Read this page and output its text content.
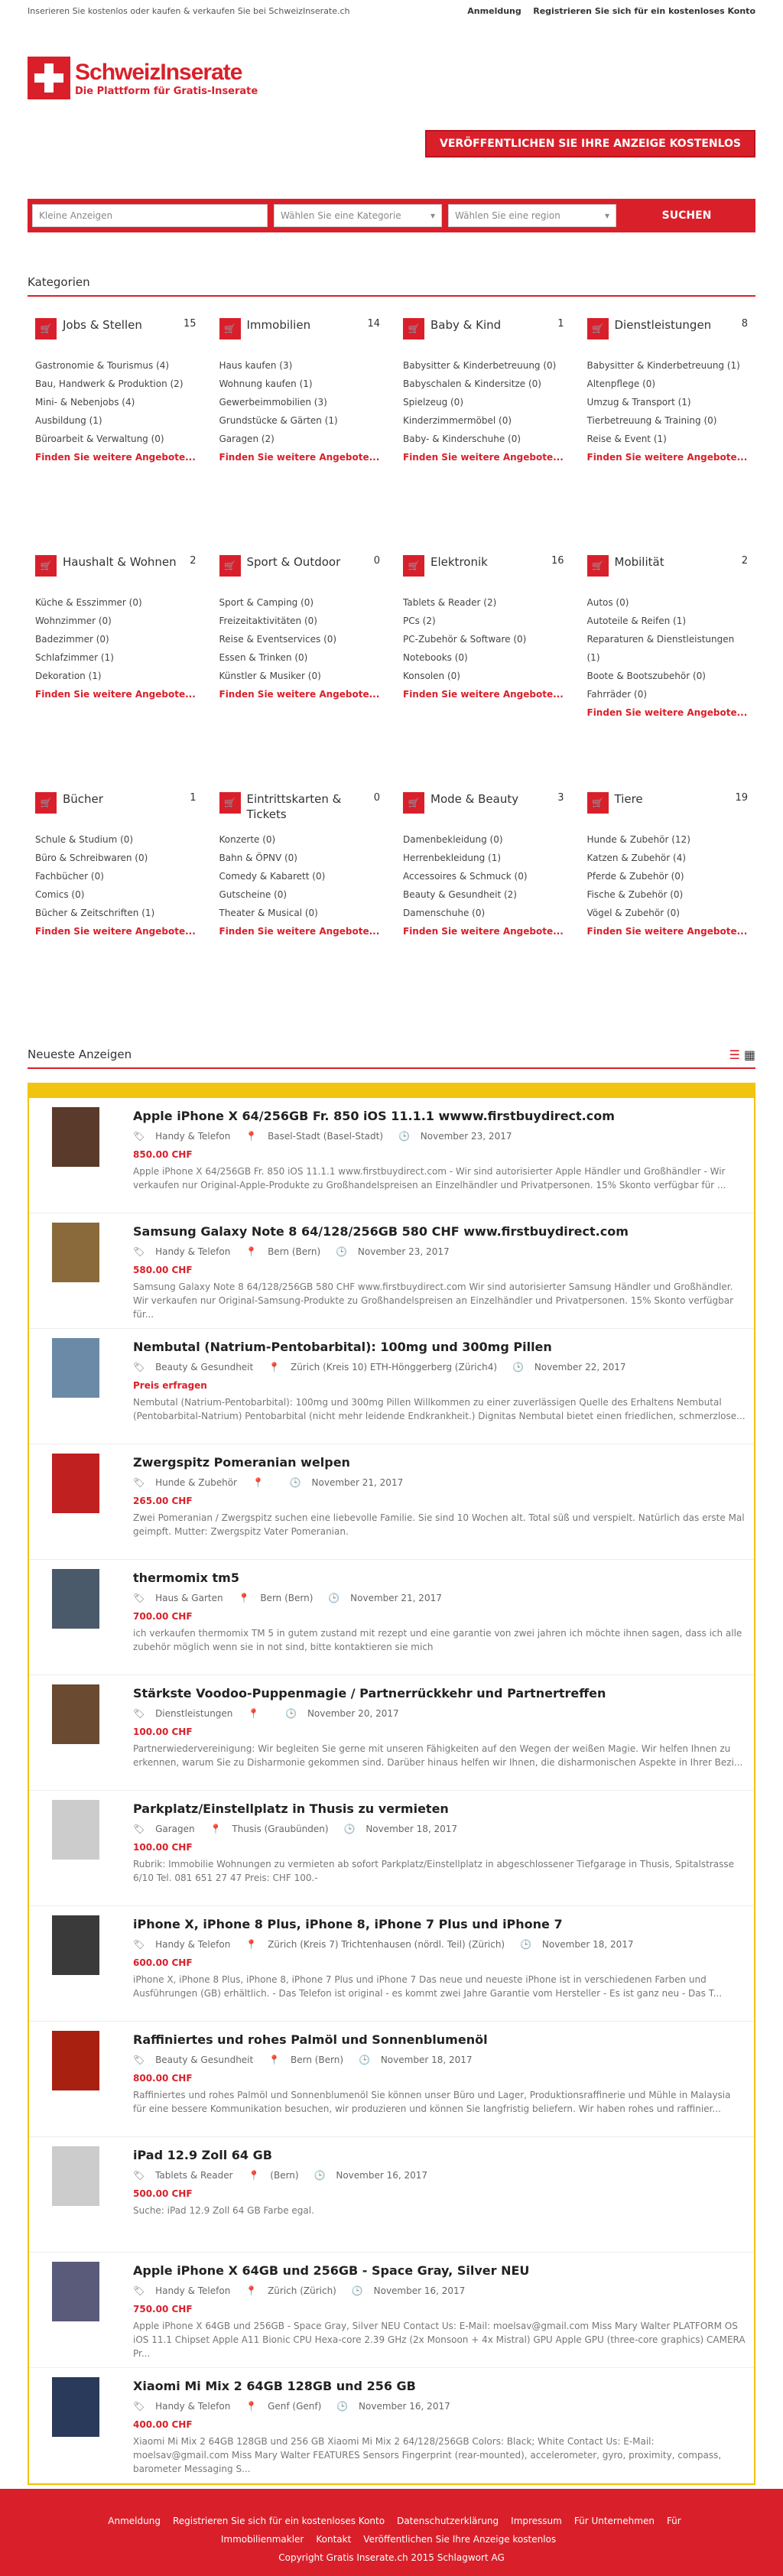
Inserieren Sie kostenlos oder kaufen & verkaufen Sie bei SchweizInserate.ch	Anmeldung Registrieren Sie sich für ein kostenloses Konto
SchweizInserate
Die Plattform für Gratis-Inserate
VERÖFFENTLICHEN SIE IHRE ANZEIGE KOSTENLOS
Kleine Anzeigen	Wählen Sie eine Kategorie	▾ Wählen Sie eine region	▾	SUCHEN
Kategorien
🛒 Jobs & Stellen	15
Gastronomie & Tourismus (4)
Bau, Handwerk & Produktion (2)
Mini- & Nebenjobs (4)
Ausbildung (1)
Büroarbeit & Verwaltung (0)
Finden Sie weitere Angebote...
🛒 Immobilien	14
Haus kaufen (3)
Wohnung kaufen (1)
Gewerbeimmobilien (3)
Grundstücke & Gärten (1)
Garagen (2)
Finden Sie weitere Angebote...
🛒 Baby & Kind	1
Babysitter & Kinderbetreuung (0)
Babyschalen & Kindersitze (0)
Spielzeug (0)
Kinderzimmermöbel (0)
Baby- & Kinderschuhe (0)
Finden Sie weitere Angebote...
🛒 Dienstleistungen	8
Babysitter & Kinderbetreuung (1)
Altenpflege (0)
Umzug & Transport (1)
Tierbetreuung & Training (0)
Reise & Event (1)
Finden Sie weitere Angebote...
🛒 Haushalt & Wohnen	2
Küche & Esszimmer (0)
Wohnzimmer (0)
Badezimmer (0)
Schlafzimmer (1)
Dekoration (1)
Finden Sie weitere Angebote...
🛒 Sport & Outdoor	0
Sport & Camping (0)
Freizeitaktivitäten (0)
Reise & Eventservices (0)
Essen & Trinken (0)
Künstler & Musiker (0)
Finden Sie weitere Angebote...
🛒 Elektronik	16
Tablets & Reader (2)
PCs (2)
PC-Zubehör & Software (0)
Notebooks (0)
Konsolen (0)
Finden Sie weitere Angebote...
🛒 Mobilität	2
Autos (0)
Autoteile & Reifen (1)
Reparaturen & Dienstleistungen (1)
Boote & Bootszubehör (0)
Fahrräder (0)
Finden Sie weitere Angebote...
🛒 Bücher	1
Schule & Studium (0)
Büro & Schreibwaren (0)
Fachbücher (0)
Comics (0)
Bücher & Zeitschriften (1)
Finden Sie weitere Angebote...
🛒 Eintrittskarten & Tickets
0
Konzerte (0)
Bahn & ÖPNV (0)
Comedy & Kabarett (0)
Gutscheine (0)
Theater & Musical (0)
Finden Sie weitere Angebote...
🛒 Mode & Beauty	3
Damenbekleidung (0)
Herrenbekleidung (1)
Accessoires & Schmuck (0)
Beauty & Gesundheit (2)
Damenschuhe (0)
Finden Sie weitere Angebote...
🛒 Tiere	19
Hunde & Zubehör (12)
Katzen & Zubehör (4)
Pferde & Zubehör (0)
Fische & Zubehör (0)
Vögel & Zubehör (0)
Finden Sie weitere Angebote...
Neueste Anzeigen	☰ ▦
Apple iPhone X 64/256GB Fr. 850 iOS 11.1.1 wwww.firstbuydirect.com
🏷 Handy & Telefon 📍 Basel-Stadt (Basel-Stadt) 🕒 November 23, 2017
850.00 CHF
Apple iPhone X 64/256GB Fr. 850 iOS 11.1.1 www.firstbuydirect.com - Wir sind autorisierter Apple Händler und Großhändler - Wir verkaufen nur Original-Apple-Produkte zu Großhandelspreisen an Einzelhändler und Privatpersonen. 15% Skonto verfügbar für ...
Samsung Galaxy Note 8 64/128/256GB 580 CHF www.firstbuydirect.com
🏷 Handy & Telefon 📍 Bern (Bern) 🕒 November 23, 2017
580.00 CHF
Samsung Galaxy Note 8 64/128/256GB 580 CHF www.firstbuydirect.com Wir sind autorisierter Samsung Händler und Großhändler. Wir verkaufen nur Original-Samsung-Produkte zu Großhandelspreisen an Einzelhändler und Privatpersonen. 15% Skonto verfügbar für...
Nembutal (Natrium-Pentobarbital): 100mg und 300mg Pillen
🏷 Beauty & Gesundheit 📍 Zürich (Kreis 10) ETH-Hönggerberg (Zürich4) 🕒 November 22, 2017
Preis erfragen
Nembutal (Natrium-Pentobarbital): 100mg und 300mg Pillen Willkommen zu einer zuverlässigen Quelle des Erhaltens Nembutal (Pentobarbital-Natrium) Pentobarbital (nicht mehr leidende Endkrankheit.) Dignitas Nembutal bietet einen friedlichen, schmerzlose...
Zwergspitz Pomeranian welpen
🏷 Hunde & Zubehör 📍	🕒 November 21, 2017
265.00 CHF
Zwei Pomeranian / Zwergspitz suchen eine liebevolle Familie. Sie sind 10 Wochen alt. Total süß und verspielt. Natürlich das erste Mal geimpft. Mutter: Zwergspitz Vater Pomeranian.
thermomix tm5
🏷 Haus & Garten 📍 Bern (Bern) 🕒 November 21, 2017
700.00 CHF
ich verkaufen thermomix TM 5 in gutem zustand mit rezept und eine garantie von zwei jahren ich möchte ihnen sagen, dass ich alle zubehör möglich wenn sie in not sind, bitte kontaktieren sie mich
Stärkste Voodoo-Puppenmagie / Partnerrückkehr und Partnertreffen
🏷 Dienstleistungen 📍	🕒 November 20, 2017
100.00 CHF
Partnerwiedervereinigung: Wir begleiten Sie gerne mit unseren Fähigkeiten auf den Wegen der weißen Magie. Wir helfen Ihnen zu erkennen, warum Sie zu Disharmonie gekommen sind. Darüber hinaus helfen wir Ihnen, die disharmonischen Aspekte in Ihrer Bezi...
Parkplatz/Einstellplatz in Thusis zu vermieten
🏷 Garagen 📍 Thusis (Graubünden) 🕒 November 18, 2017
100.00 CHF
Rubrik: Immobilie Wohnungen zu vermieten ab sofort Parkplatz/Einstellplatz in abgeschlossener Tiefgarage in Thusis, Spitalstrasse 6/10 Tel. 081 651 27 47 Preis: CHF 100.-
iPhone X, iPhone 8 Plus, iPhone 8, iPhone 7 Plus und iPhone 7
🏷 Handy & Telefon 📍 Zürich (Kreis 7) Trichtenhausen (nördl. Teil) (Zürich) 🕒 November 18, 2017
600.00 CHF
iPhone X, iPhone 8 Plus, iPhone 8, iPhone 7 Plus und iPhone 7 Das neue und neueste iPhone ist in verschiedenen Farben und Ausführungen (GB) erhältlich. - Das Telefon ist original - es kommt zwei Jahre Garantie vom Hersteller - Es ist ganz neu - Das T...
Raffiniertes und rohes Palmöl und Sonnenblumenöl
🏷 Beauty & Gesundheit 📍 Bern (Bern) 🕒 November 18, 2017
800.00 CHF
Raffiniertes und rohes Palmöl und Sonnenblumenöl Sie können unser Büro und Lager, Produktionsraffinerie und Mühle in Malaysia für eine bessere Kommunikation besuchen, wir produzieren und können Sie langfristig beliefern. Wir haben rohes und raffinier...
iPad 12.9 Zoll 64 GB
🏷 Tablets & Reader 📍 (Bern) 🕒 November 16, 2017
500.00 CHF
Suche: iPad 12.9 Zoll 64 GB Farbe egal.
Apple iPhone X 64GB und 256GB - Space Gray, Silver NEU
🏷 Handy & Telefon 📍 Zürich (Zürich) 🕒 November 16, 2017
750.00 CHF
Apple iPhone X 64GB und 256GB - Space Gray, Silver NEU Contact Us: E-Mail: moelsav@gmail.com Miss Mary Walter PLATFORM OS iOS 11.1 Chipset Apple A11 Bionic CPU Hexa-core 2.39 GHz (2x Monsoon + 4x Mistral) GPU Apple GPU (three-core graphics) CAMERA Pr...
Xiaomi Mi Mix 2 64GB 128GB und 256 GB
🏷 Handy & Telefon 📍 Genf (Genf) 🕒 November 16, 2017
400.00 CHF
Xiaomi Mi Mix 2 64GB 128GB und 256 GB Xiaomi Mi Mix 2 64/128/256GB Colors: Black; White Contact Us: E-Mail: moelsav@gmail.com Miss Mary Walter FEATURES Sensors Fingerprint (rear-mounted), accelerometer, gyro, proximity, compass, barometer Messaging S...
Anmeldung Registrieren Sie sich für ein kostenloses Konto Datenschutzerklärung Impressum Für Unternehmen Für Immobilienmakler Kontakt Veröffentlichen Sie Ihre Anzeige kostenlos
Copyright Gratis Inserate.ch 2015 Schlagwort AG
